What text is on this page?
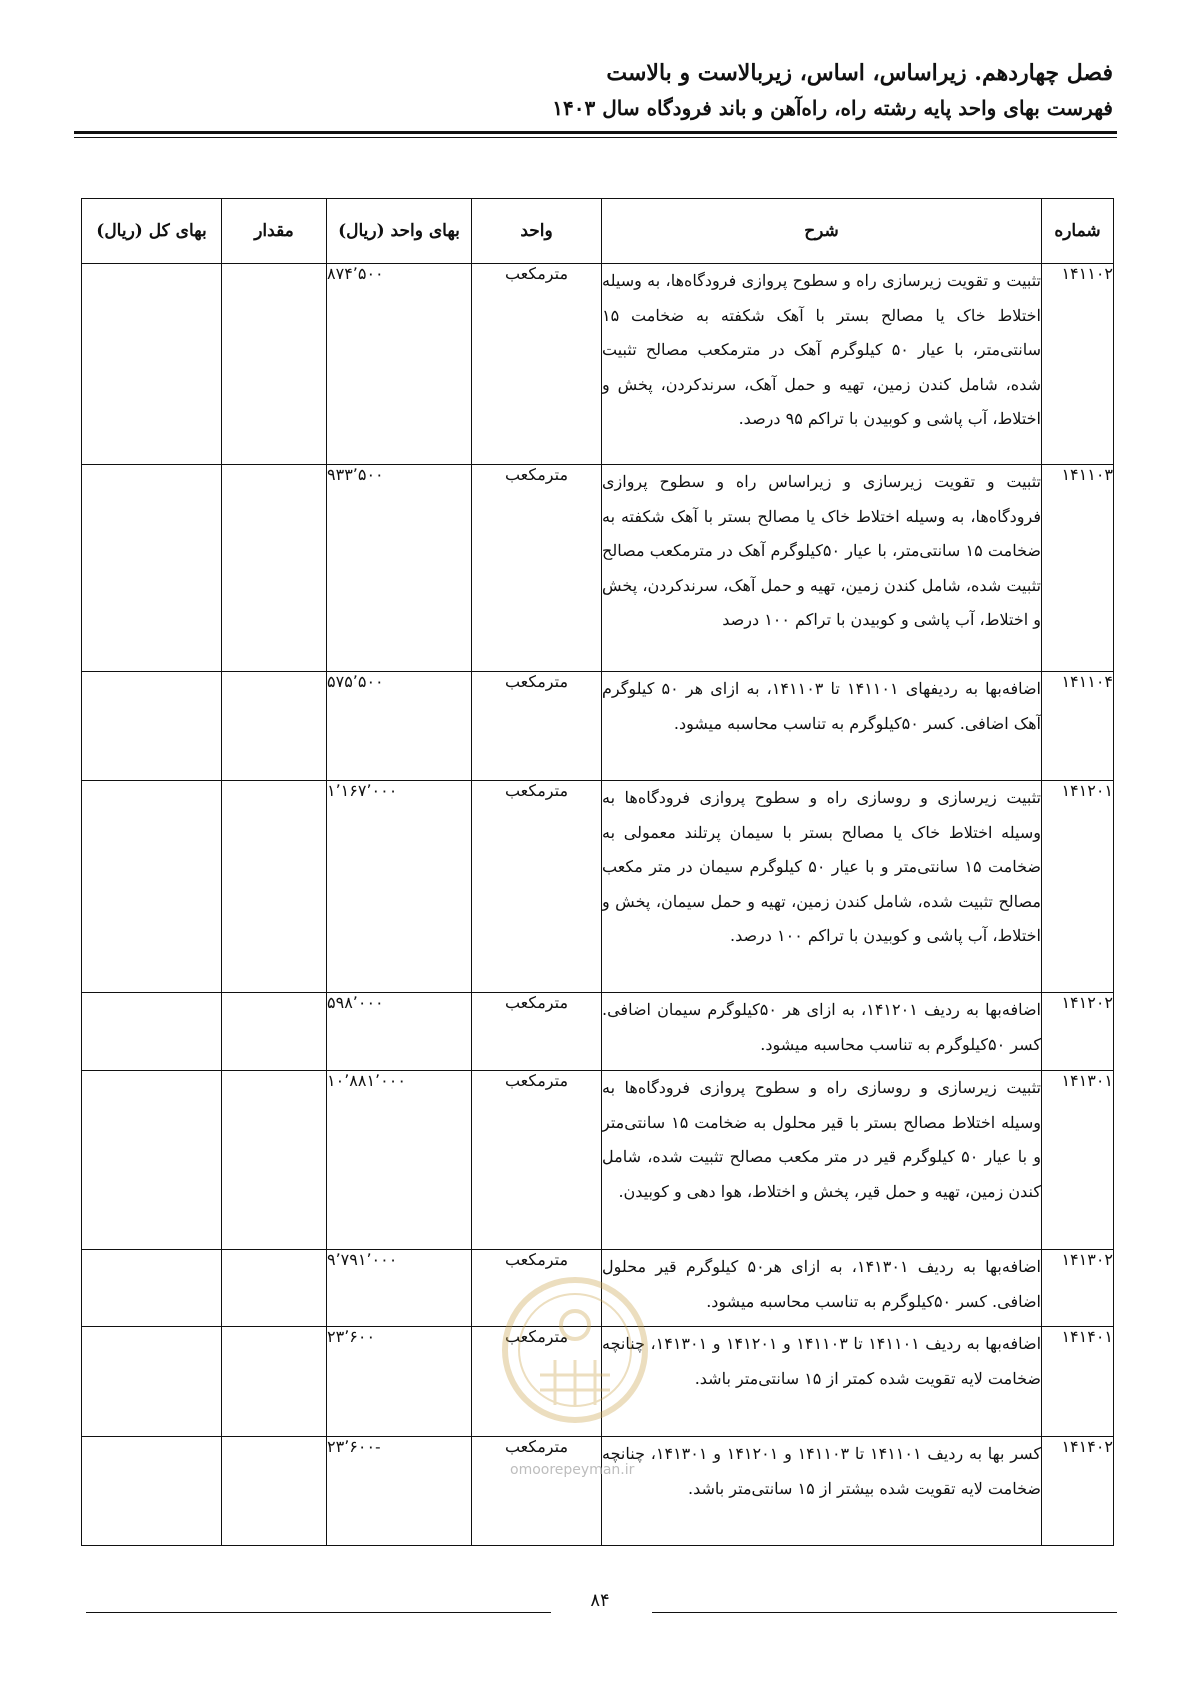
فصل چهاردهم. زیراساس، اساس، زیربالاست و بالاست
فهرست بهای واحد پایه رشته راه، راه‌آهن و باند فرودگاه سال ۱۴۰۳
شماره	شرح	واحد	بهای واحد (ریال)	مقدار	بهای کل (ریال)
۱۴۱۱۰۲	تثبیت و تقویت زیرسازی راه و سطوح پروازی فرودگاه‌ها، به وسیله اختلاط خاک یا مصالح بستر با آهک شکفته به ضخامت ۱۵ سانتی‌متر، با عیار ۵۰ کیلوگرم آهک در مترمکعب مصالح تثبیت شده، شامل کندن زمین، تهیه و حمل آهک، سرندکردن، پخش و اختلاط، آب پاشی و کوبیدن با تراکم ۹۵ درصد.	مترمکعب	۸۷۴٬۵۰۰		
۱۴۱۱۰۳	تثبیت و تقویت زیرسازی و زیراساس راه و سطوح پروازی فرودگاه‌ها، به وسیله اختلاط خاک یا مصالح بستر با آهک شکفته به ضخامت ۱۵ سانتی‌متر، با عیار ۵۰کیلوگرم آهک در مترمکعب مصالح تثبیت شده، شامل کندن زمین، تهیه و حمل آهک، سرندکردن، پخش و اختلاط، آب پاشی و کوبیدن با تراکم ۱۰۰ درصد	مترمکعب	۹۳۳٬۵۰۰		
۱۴۱۱۰۴	اضافه‌بها به ردیفهای ۱۴۱۱۰۱ تا ۱۴۱۱۰۳، به ازای هر ۵۰ کیلوگرم آهک اضافی. کسر ۵۰کیلوگرم به تناسب محاسبه میشود.	مترمکعب	۵۷۵٬۵۰۰		
۱۴۱۲۰۱	تثبیت زیرسازی و روسازی راه و سطوح پروازی فرودگاه‌ها به وسیله اختلاط خاک یا مصالح بستر با سیمان پرتلند معمولی به ضخامت ۱۵ سانتی‌متر و با عیار ۵۰ کیلوگرم سیمان در متر مکعب مصالح تثبیت شده، شامل کندن زمین، تهیه و حمل سیمان، پخش و اختلاط، آب پاشی و کوبیدن با تراکم ۱۰۰ درصد.	مترمکعب	۱٬۱۶۷٬۰۰۰		
۱۴۱۲۰۲	اضافه‌بها به ردیف ۱۴۱۲۰۱، به ازای هر ۵۰کیلوگرم سیمان اضافی. کسر ۵۰کیلوگرم به تناسب محاسبه میشود.	مترمکعب	۵۹۸٬۰۰۰		
۱۴۱۳۰۱	تثبیت زیرسازی و روسازی راه و سطوح پروازی فرودگاه‌ها به وسیله اختلاط مصالح بستر با قیر محلول به ضخامت ۱۵ سانتی‌متر و با عیار ۵۰ کیلوگرم قیر در متر مکعب مصالح تثبیت شده، شامل کندن زمین، تهیه و حمل قیر، پخش و اختلاط، هوا دهی و کوبیدن.	مترمکعب	۱۰٬۸۸۱٬۰۰۰		
۱۴۱۳۰۲	اضافه‌بها به ردیف ۱۴۱۳۰۱، به ازای هر۵۰ کیلوگرم قیر محلول اضافی. کسر ۵۰کیلوگرم به تناسب محاسبه میشود.	مترمکعب	۹٬۷۹۱٬۰۰۰		
۱۴۱۴۰۱	اضافه‌بها به ردیف ۱۴۱۱۰۱ تا ۱۴۱۱۰۳ و ۱۴۱۲۰۱ و ۱۴۱۳۰۱، چنانچه ضخامت لایه تقویت شده کمتر از ۱۵ سانتی‌متر باشد.	مترمکعب	۲۳٬۶۰۰		
۱۴۱۴۰۲	کسر بها به ردیف ۱۴۱۱۰۱ تا ۱۴۱۱۰۳ و ۱۴۱۲۰۱ و ۱۴۱۳۰۱، چنانچه ضخامت لایه تقویت شده بیشتر از ۱۵ سانتی‌متر باشد.	مترمکعب	-۲۳٬۶۰۰		
omoorepeyman.ir
۸۴
